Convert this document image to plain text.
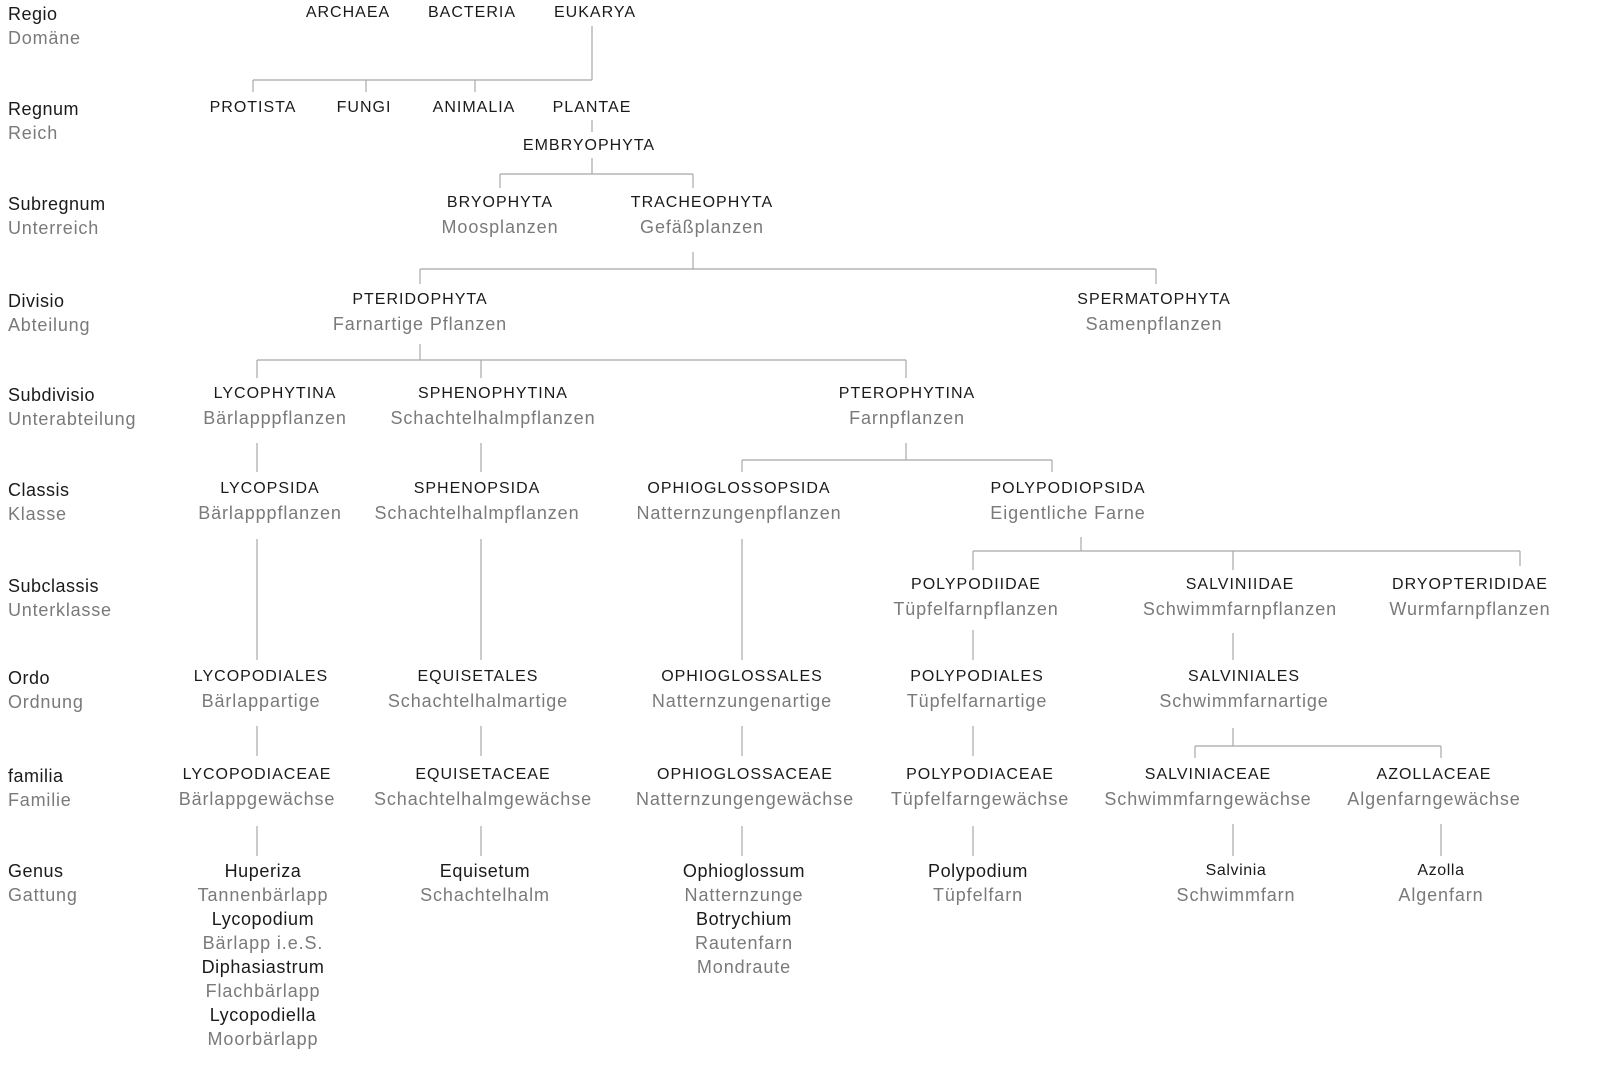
Regio
Domäne
Regnum
Reich
Subregnum
Unterreich
Divisio
Abteilung
Subdivisio
Unterabteilung
Classis
Klasse
Subclassis
Unterklasse
Ordo
Ordnung
familia
Familie
Genus
Gattung
ARCHAEA BACTERIA EUKARYA
PROTISTA	FUNGI	ANIMALIA PLANTAE
EMBRYOPHYTA
BRYOPHYTA
Moosplanzen
TRACHEOPHYTA
Gefäßplanzen
PTERIDOPHYTA
Farnartige Pflanzen
SPERMATOPHYTA
Samenpflanzen
LYCOPHYTINA
Bärlapppflanzen
SPHENOPHYTINA
Schachtelhalmpflanzen
PTEROPHYTINA
Farnpflanzen
LYCOPSIDA
Bärlapppflanzen
SPHENOPSIDA
Schachtelhalmpflanzen
OPHIOGLOSSOPSIDA
Natternzungenpflanzen
POLYPODIOPSIDA
Eigentliche Farne
POLYPODIIDAE
Tüpfelfarnpflanzen
SALVINIIDAE
Schwimmfarnpflanzen
DRYOPTERIDIDAE
Wurmfarnpflanzen
LYCOPODIALES
Bärlappartige
EQUISETALES
Schachtelhalmartige
OPHIOGLOSSALES
Natternzungenartige
POLYPODIALES
Tüpfelfarnartige
SALVINIALES
Schwimmfarnartige
LYCOPODIACEAE
Bärlappgewächse
EQUISETACEAE
Schachtelhalmgewächse
OPHIOGLOSSACEAE
Natternzungengewächse
POLYPODIACEAE
Tüpfelfarngewächse
SALVINIACEAE
Schwimmfarngewächse
AZOLLACEAE
Algenfarngewächse
Huperiza
Tannenbärlapp
Lycopodium
Bärlapp i.e.S.
Diphasiastrum
Flachbärlapp
Lycopodiella
Moorbärlapp
Equisetum
Schachtelhalm
Ophioglossum
Natternzunge
Botrychium
Rautenfarn
Mondraute
Polypodium
Tüpfelfarn
Salvinia
Schwimmfarn
Azolla
Algenfarn
